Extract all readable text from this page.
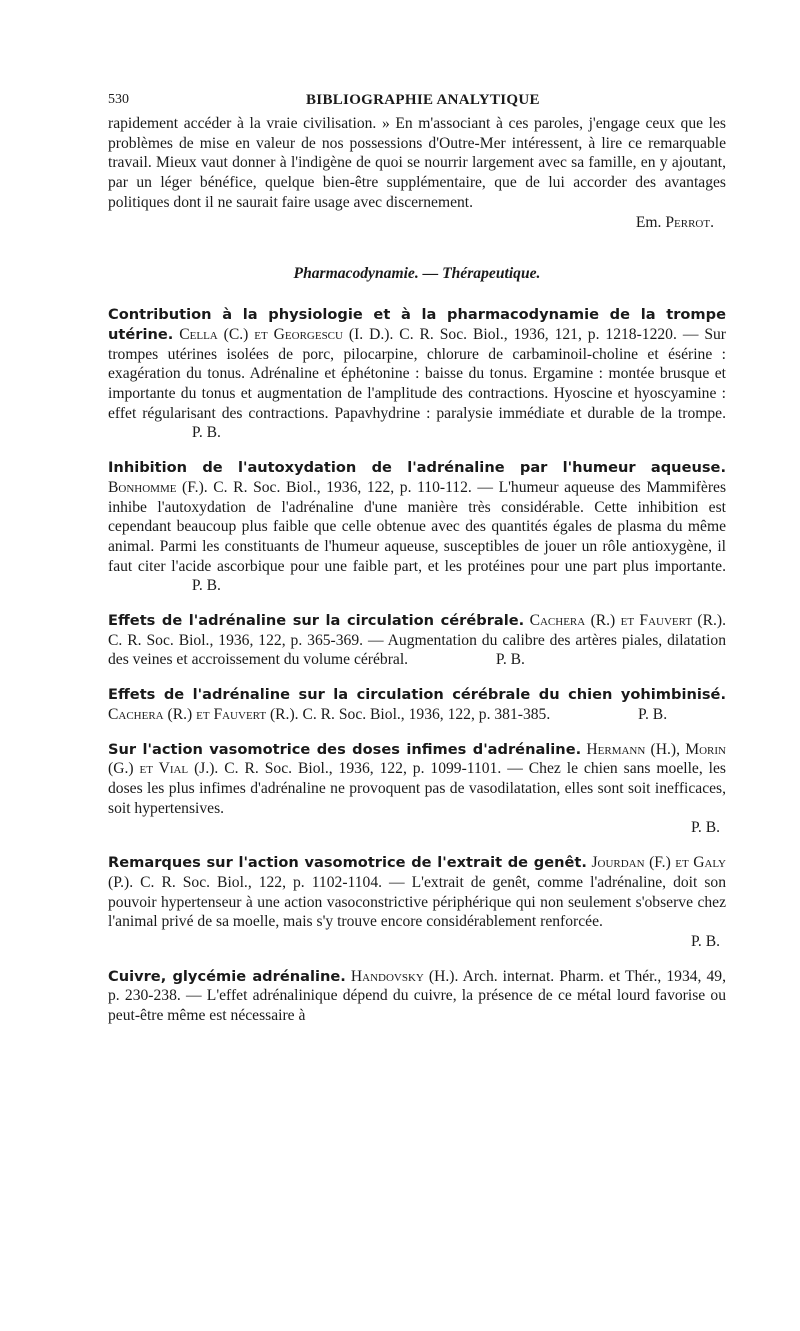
530	BIBLIOGRAPHIE ANALYTIQUE

rapidement accéder à la vraie civilisation. » En m'associant à ces paroles, j'engage ceux que les problèmes de mise en valeur de nos possessions d'Outre-Mer intéressent, à lire ce remarquable travail. Mieux vaut donner à l'indigène de quoi se nourrir largement avec sa famille, en y ajoutant, par un léger bénéfice, quelque bien-être supplémentaire, que de lui accorder des avantages politiques dont il ne saurait faire usage avec discernement.

Em. Perrot.

Pharmacodynamie. — Thérapeutique.

Contribution à la physiologie et à la pharmacodynamie de la trompe utérine. Cella (C.) et Georgescu (I. D.). C. R. Soc. Biol., 1936, 121, p. 1218-1220. — Sur trompes utérines isolées de porc, pilocarpine, chlorure de carbaminoil-choline et ésérine : exagération du tonus. Adrénaline et éphétonine : baisse du tonus. Ergamine : montée brusque et importante du tonus et augmentation de l'amplitude des contractions. Hyoscine et hyoscyamine : effet régularisant des contractions. Papavhydrine : paralysie immédiate et durable de la trompe.  P. B.

Inhibition de l'autoxydation de l'adrénaline par l'humeur aqueuse. Bonhomme (F.). C. R. Soc. Biol., 1936, 122, p. 110-112. — L'humeur aqueuse des Mammifères inhibe l'autoxydation de l'adrénaline d'une manière très considérable. Cette inhibition est cependant beaucoup plus faible que celle obtenue avec des quantités égales de plasma du même animal. Parmi les constituants de l'humeur aqueuse, susceptibles de jouer un rôle antioxygène, il faut citer l'acide ascorbique pour une faible part, et les protéines pour une part plus importante.  P. B.

Effets de l'adrénaline sur la circulation cérébrale. Cachera (R.) et Fauvert (R.). C. R. Soc. Biol., 1936, 122, p. 365-369. — Augmentation du calibre des artères piales, dilatation des veines et accroissement du volume cérébral.	P. B.

Effets de l'adrénaline sur la circulation cérébrale du chien yohimbinisé. Cachera (R.) et Fauvert (R.). C. R. Soc. Biol., 1936, 122, p. 381-385.	P. B.

Sur l'action vasomotrice des doses infimes d'adrénaline. Hermann (H.), Morin (G.) et Vial (J.). C. R. Soc. Biol., 1936, 122, p. 1099-1101. — Chez le chien sans moelle, les doses les plus infimes d'adrénaline ne provoquent pas de vasodilatation, elles sont soit inefficaces, soit hypertensives.

P. B.

Remarques sur l'action vasomotrice de l'extrait de genêt. Jourdan (F.) et Galy (P.). C. R. Soc. Biol., 122, p. 1102-1104. — L'extrait de genêt, comme l'adrénaline, doit son pouvoir hypertenseur à une action vasoconstrictive périphérique qui non seulement s'observe chez l'animal privé de sa moelle, mais s'y trouve encore considérablement renforcée.

P. B.

Cuivre, glycémie adrénaline. Handovsky (H.). Arch. internat. Pharm. et Thér., 1934, 49, p. 230-238. — L'effet adrénalinique dépend du cuivre, la présence de ce métal lourd favorise ou peut-être même est nécessaire à
